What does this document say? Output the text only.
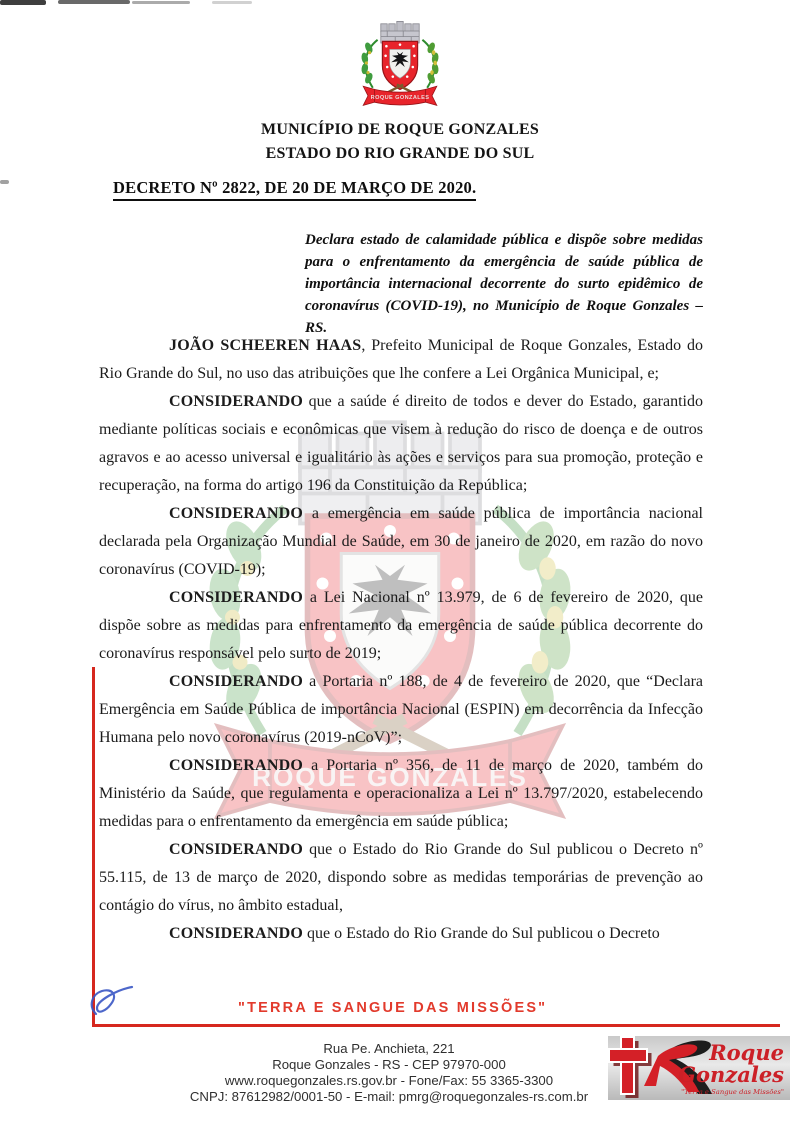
MUNICÍPIO DE ROQUE GONZALES
ESTADO DO RIO GRANDE DO SUL
DECRETO Nº 2822, DE 20 DE MARÇO DE 2020.
Declara estado de calamidade pública e dispõe sobre medidas para o enfrentamento da emergência de saúde pública de importância internacional decorrente do surto epidêmico de coronavírus (COVID-19), no Município de Roque Gonzales – RS.

JOÃO SCHEEREN HAAS, Prefeito Municipal de Roque Gonzales, Estado do Rio Grande do Sul, no uso das atribuições que lhe confere a Lei Orgânica Municipal, e;

CONSIDERANDO que a saúde é direito de todos e dever do Estado, garantido mediante políticas sociais e econômicas que visem à redução do risco de doença e de outros agravos e ao acesso universal e igualitário às ações e serviços para sua promoção, proteção e recuperação, na forma do artigo 196 da Constituição da República;

CONSIDERANDO a emergência em saúde pública de importância nacional declarada pela Organização Mundial de Saúde, em 30 de janeiro de 2020, em razão do novo coronavírus (COVID-19);

CONSIDERANDO a Lei Nacional nº 13.979, de 6 de fevereiro de 2020, que dispõe sobre as medidas para enfrentamento da emergência de saúde pública decorrente do coronavírus responsável pelo surto de 2019;

CONSIDERANDO a Portaria nº 188, de 4 de fevereiro de 2020, que “Declara Emergência em Saúde Pública de importância Nacional (ESPIN) em decorrência da Infecção Humana pelo novo coronavírus (2019-nCoV)”;

CONSIDERANDO a Portaria nº 356, de 11 de março de 2020, também do Ministério da Saúde, que regulamenta e operacionaliza a Lei nº 13.797/2020, estabelecendo medidas para o enfrentamento da emergência em saúde pública;

CONSIDERANDO que o Estado do Rio Grande do Sul publicou o Decreto nº 55.115, de 13 de março de 2020, dispondo sobre as medidas temporárias de prevenção ao contágio do vírus, no âmbito estadual,

CONSIDERANDO que o Estado do Rio Grande do Sul publicou o Decreto

"TERRA E SANGUE DAS MISSÕES"
Rua Pe. Anchieta, 221
Roque Gonzales - RS - CEP 97970-000
www.roquegonzales.rs.gov.br - Fone/Fax: 55 3365-3300
CNPJ: 87612982/0001-50 - E-mail: pmrg@roquegonzales-rs.com.br
Roque
Gonzales
"Terra e Sangue das Missões"
